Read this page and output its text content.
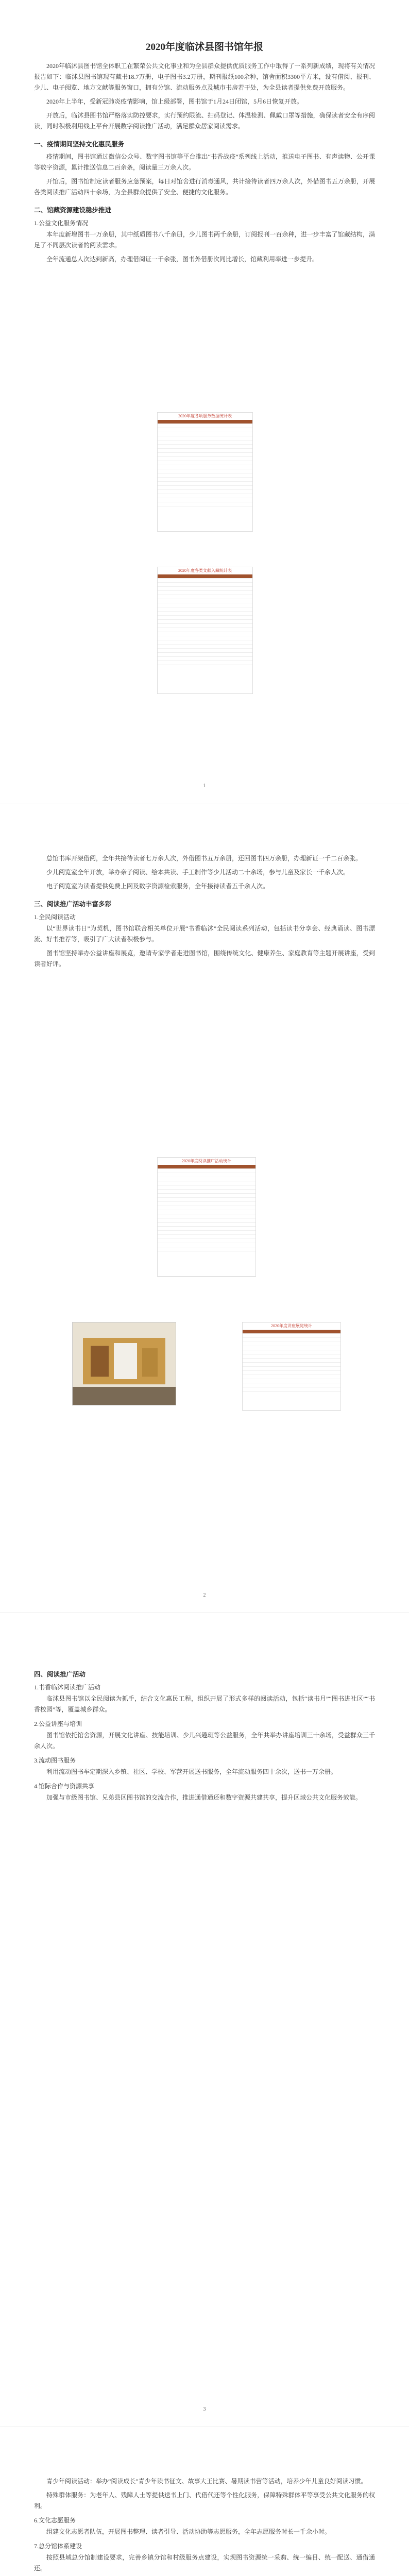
2020年度临沭县图书馆年报

2020年临沭县图书馆全体职工在繁荣公共文化事业和为全县群众提供优质服务工作中取得了一系列新成绩，现将有关情况报告如下：临沭县图书馆现有藏书18.7万册，电子图书3.2万册，期刊报纸100余种，馆舍面积3300平方米，设有借阅、报刊、少儿、电子阅览、地方文献等服务窗口，拥有分馆、流动服务点及城市书房若干处，为全县读者提供免费开放服务。

2020年上半年，受新冠肺炎疫情影响，馆上级部署，图书馆于1月24日闭馆，5月6日恢复开放。

开放后，临沭县图书馆严格落实防控要求，实行预约限流、扫码登记、体温检测、佩戴口罩等措施，确保读者安全有序阅读，同时积极利用线上平台开展数字阅读推广活动，满足群众居家阅读需求。

一、疫情期间坚持文化惠民服务

疫情期间，图书馆通过微信公众号、数字图书馆等平台推出“书香战疫”系列线上活动，推送电子图书、有声读物、公开课等数字资源，累计推送信息二百余条，阅读量三万余人次。

开馆后，图书馆制定读者服务应急预案，每日对馆舍进行消毒通风，共计接待读者四万余人次，外借图书五万余册，开展各类阅读推广活动四十余场，为全县群众提供了安全、便捷的文化服务。

二、馆藏资源建设稳步推进
1.公益文化服务情况

本年度新增图书一万余册，其中纸质图书八千余册，少儿图书两千余册，订阅报刊一百余种，进一步丰富了馆藏结构，满足了不同层次读者的阅读需求。

全年流通总人次达到新高，办理借阅证一千余张，图书外借册次同比增长，馆藏利用率进一步提升。

2020年度各项服务数据统计表

2020年度各类文献入藏统计表

1

总馆书库开架借阅，全年共接待读者七万余人次，外借图书五万余册，还回图书四万余册，办理新证一千二百余张。

少儿阅览室全年开放，举办亲子阅读、绘本共读、手工制作等少儿活动二十余场，参与儿童及家长一千余人次。

电子阅览室为读者提供免费上网及数字资源检索服务，全年接待读者五千余人次。

三、阅读推广活动丰富多彩
1.全民阅读活动

以“世界读书日”为契机，图书馆联合相关单位开展“书香临沭”全民阅读系列活动，包括读书分享会、经典诵读、图书漂流、好书推荐等，吸引了广大读者积极参与。

图书馆坚持举办公益讲座和展览，邀请专家学者走进图书馆，围绕传统文化、健康养生、家庭教育等主题开展讲座，受到读者好评。

2020年度阅读推广活动统计

2020年度讲座展览统计

2
四、阅读推广活动
1.书香临沭阅读推广活动

临沭县图书馆以全民阅读为抓手，结合文化惠民工程，组织开展了形式多样的阅读活动，包括“读书月”“图书进社区”“书香校园”等，覆盖城乡群众。

2.公益讲座与培训

图书馆依托馆舍资源，开展文化讲座、技能培训、少儿兴趣班等公益服务，全年共举办讲座培训三十余场，受益群众三千余人次。

3.流动图书服务

利用流动图书车定期深入乡镇、社区、学校、军营开展送书服务，全年流动服务四十余次，送书一万余册。

4.馆际合作与资源共享

加强与市级图书馆、兄弟县区图书馆的交流合作，推进通借通还和数字资源共建共享，提升区域公共文化服务效能。

3

青少年阅读活动：举办“阅读成长”青少年读书征文、故事大王比赛、暑期读书营等活动，培养少年儿童良好阅读习惯。

特殊群体服务：为老年人、残障人士等提供送书上门、代借代还等个性化服务，保障特殊群体平等享受公共文化服务的权利。

6.文化志愿服务

组建文化志愿者队伍，开展图书整理、读者引导、活动协助等志愿服务，全年志愿服务时长一千余小时。

7.总分馆体系建设

按照县域总分馆制建设要求，完善乡镇分馆和村级服务点建设，实现图书资源统一采购、统一编目、统一配送、通借通还。
